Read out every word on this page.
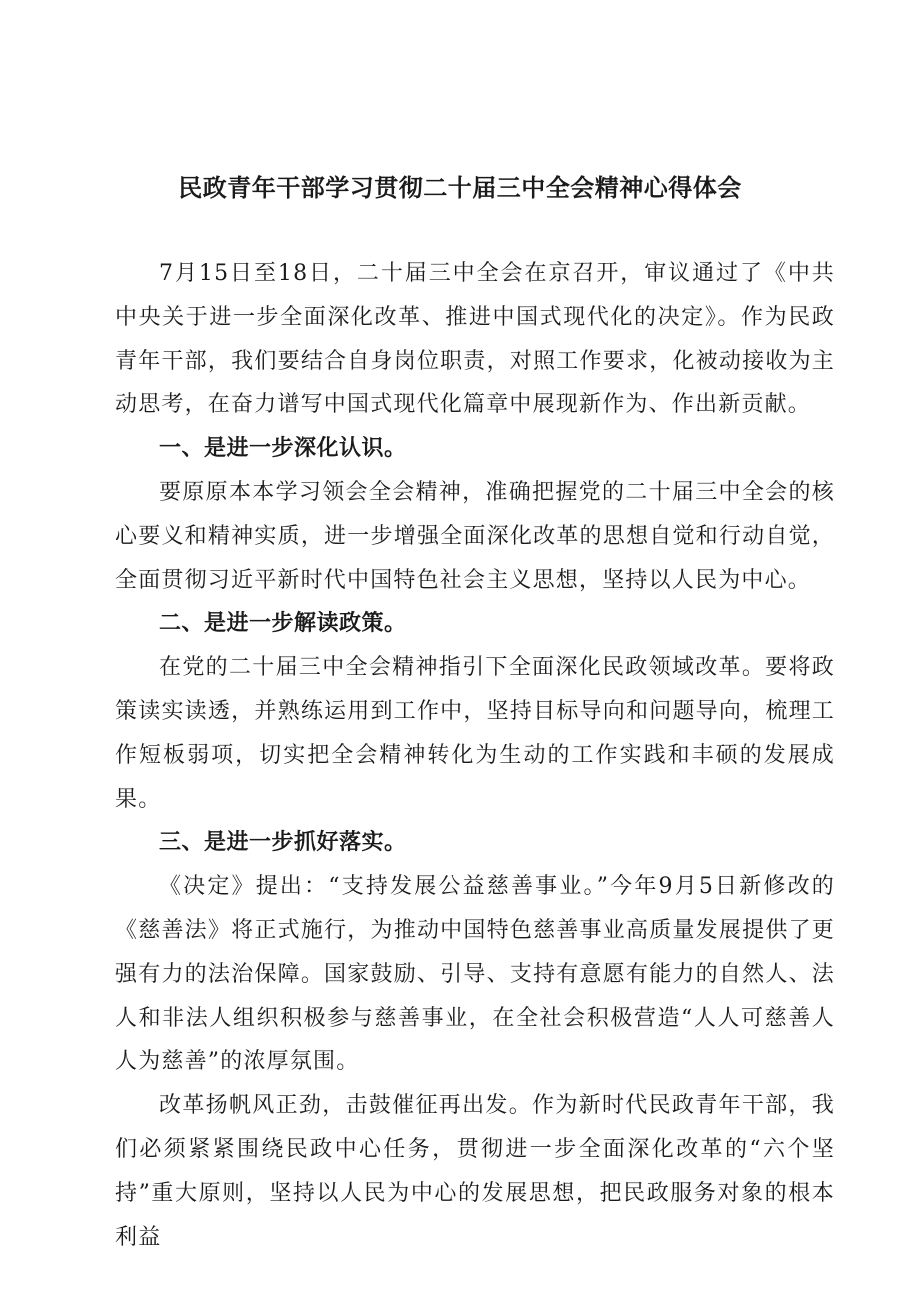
民政青年干部学习贯彻二十届三中全会精神心得体会

7月15日至18日，二十届三中全会在京召开，审议通过了《中共中央关于进一步全面深化改革、推进中国式现代化的决定》。作为民政青年干部，我们要结合自身岗位职责，对照工作要求，化被动接收为主动思考，在奋力谱写中国式现代化篇章中展现新作为、作出新贡献。

一、是进一步深化认识。

要原原本本学习领会全会精神，准确把握党的二十届三中全会的核心要义和精神实质，进一步增强全面深化改革的思想自觉和行动自觉，全面贯彻习近平新时代中国特色社会主义思想，坚持以人民为中心。

二、是进一步解读政策。

在党的二十届三中全会精神指引下全面深化民政领域改革。要将政策读实读透，并熟练运用到工作中，坚持目标导向和问题导向，梳理工作短板弱项，切实把全会精神转化为生动的工作实践和丰硕的发展成果。

三、是进一步抓好落实。

《决定》提出：“支持发展公益慈善事业。”今年9月5日新修改的《慈善法》将正式施行，为推动中国特色慈善事业高质量发展提供了更强有力的法治保障。国家鼓励、引导、支持有意愿有能力的自然人、法人和非法人组织积极参与慈善事业，在全社会积极营造“人人可慈善人人为慈善”的浓厚氛围。

改革扬帆风正劲，击鼓催征再出发。作为新时代民政青年干部，我们必须紧紧围绕民政中心任务，贯彻进一步全面深化改革的“六个坚持”重大原则，坚持以人民为中心的发展思想，把民政服务对象的根本利益
